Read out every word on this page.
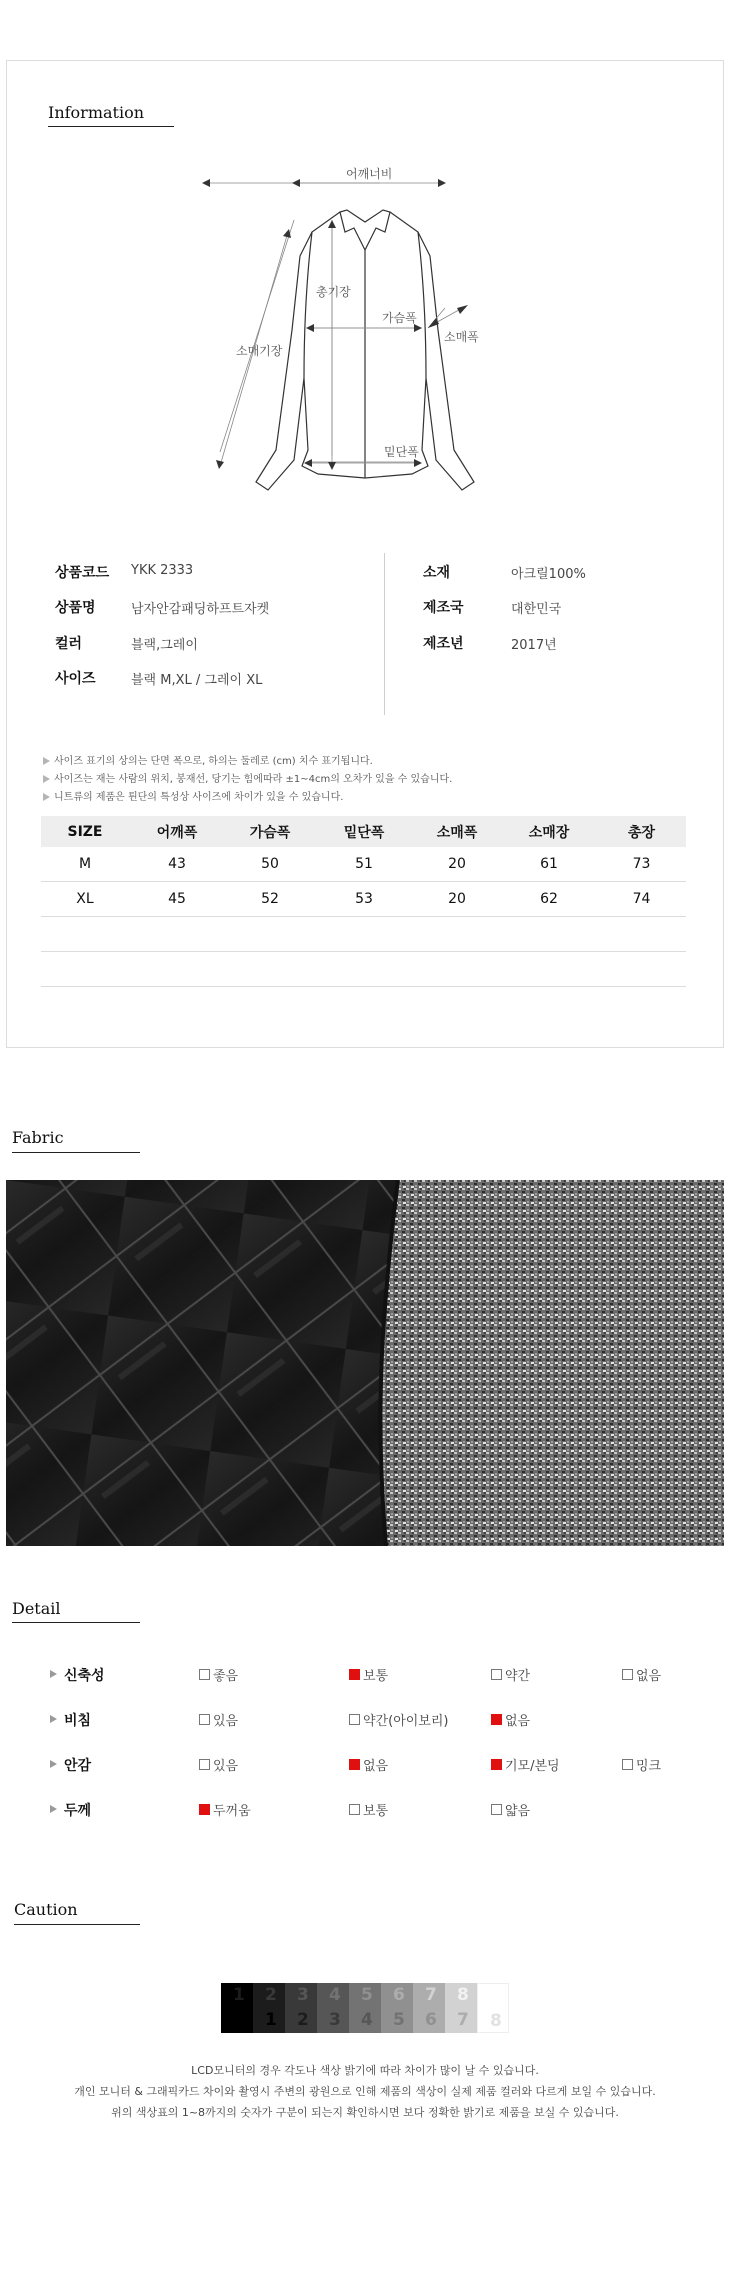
Information
어깨너비
총기장
가슴폭
소매폭
소매기장
밑단폭
상품코드 YKK 2333
상품명	남자안감패딩하프트자켓
컬러	블랙,그레이
사이즈	블랙 M,XL / 그레이 XL
소재	아크릴100%
제조국	대한민국
제조년	2017년
사이즈 표기의 상의는 단면 폭으로, 하의는 둘레로 (cm) 치수 표기됩니다.
사이즈는 재는 사람의 위치, 봉재선, 당기는 힘에따라 ±1~4cm의 오차가 있을 수 있습니다.
니트류의 제품은 튄단의 특성상 사이즈에 차이가 있을 수 있습니다.
SIZE	어깨폭	가슴폭	밑단폭	소매폭	소매장	총장
M	43	50	51	20	61	73
XL	45	52	53	20	62	74
Fabric
Detail
신축성	좋음	보통	약간	없음
비침	있음	약간(아이보리)	없음
안감	있음	없음	기모/본딩	밍크
두께	두꺼움	보통	얇음
Caution
1 2
1
3
2
4
3
5
4
6
5
7
6
8
7 8
LCD모니터의 경우 각도나 색상 밝기에 따라 차이가 많이 날 수 있습니다.
개인 모니터 & 그래픽카드 차이와 촬영시 주변의 광원으로 인해 제품의 색상이 실제 제품 컬러와 다르게 보일 수 있습니다.
위의 색상표의 1~8까지의 숫자가 구분이 되는지 확인하시면 보다 정확한 밝기로 제품을 보실 수 있습니다.
